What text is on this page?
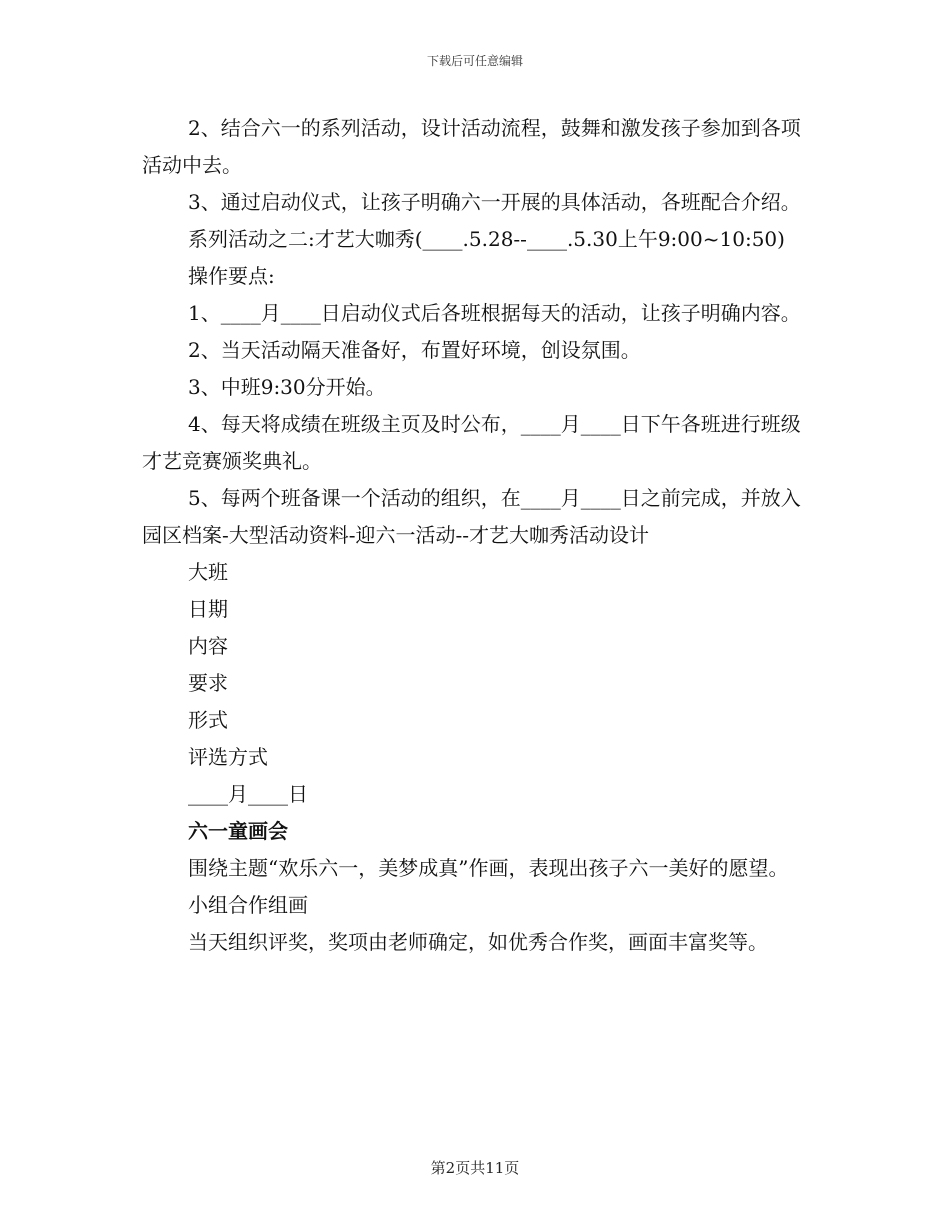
下载后可任意编辑

2、结合六一的系列活动，设计活动流程，鼓舞和激发孩子参加到各项活动中去。

3、通过启动仪式，让孩子明确六一开展的具体活动，各班配合介绍。

系列活动之二:才艺大咖秀(____.5.28--____.5.30上午9:00~10:50)

操作要点:

1、____月____日启动仪式后各班根据每天的活动，让孩子明确内容。

2、当天活动隔天准备好，布置好环境，创设氛围。

3、中班9:30分开始。

4、每天将成绩在班级主页及时公布，____月____日下午各班进行班级才艺竞赛颁奖典礼。

5、每两个班备课一个活动的组织，在____月____日之前完成，并放入园区档案-大型活动资料-迎六一活动--才艺大咖秀活动设计

大班

日期

内容

要求

形式

评选方式

____月____日

六一童画会

围绕主题“欢乐六一，美梦成真”作画，表现出孩子六一美好的愿望。

小组合作组画

当天组织评奖，奖项由老师确定，如优秀合作奖，画面丰富奖等。

第2页共11页
